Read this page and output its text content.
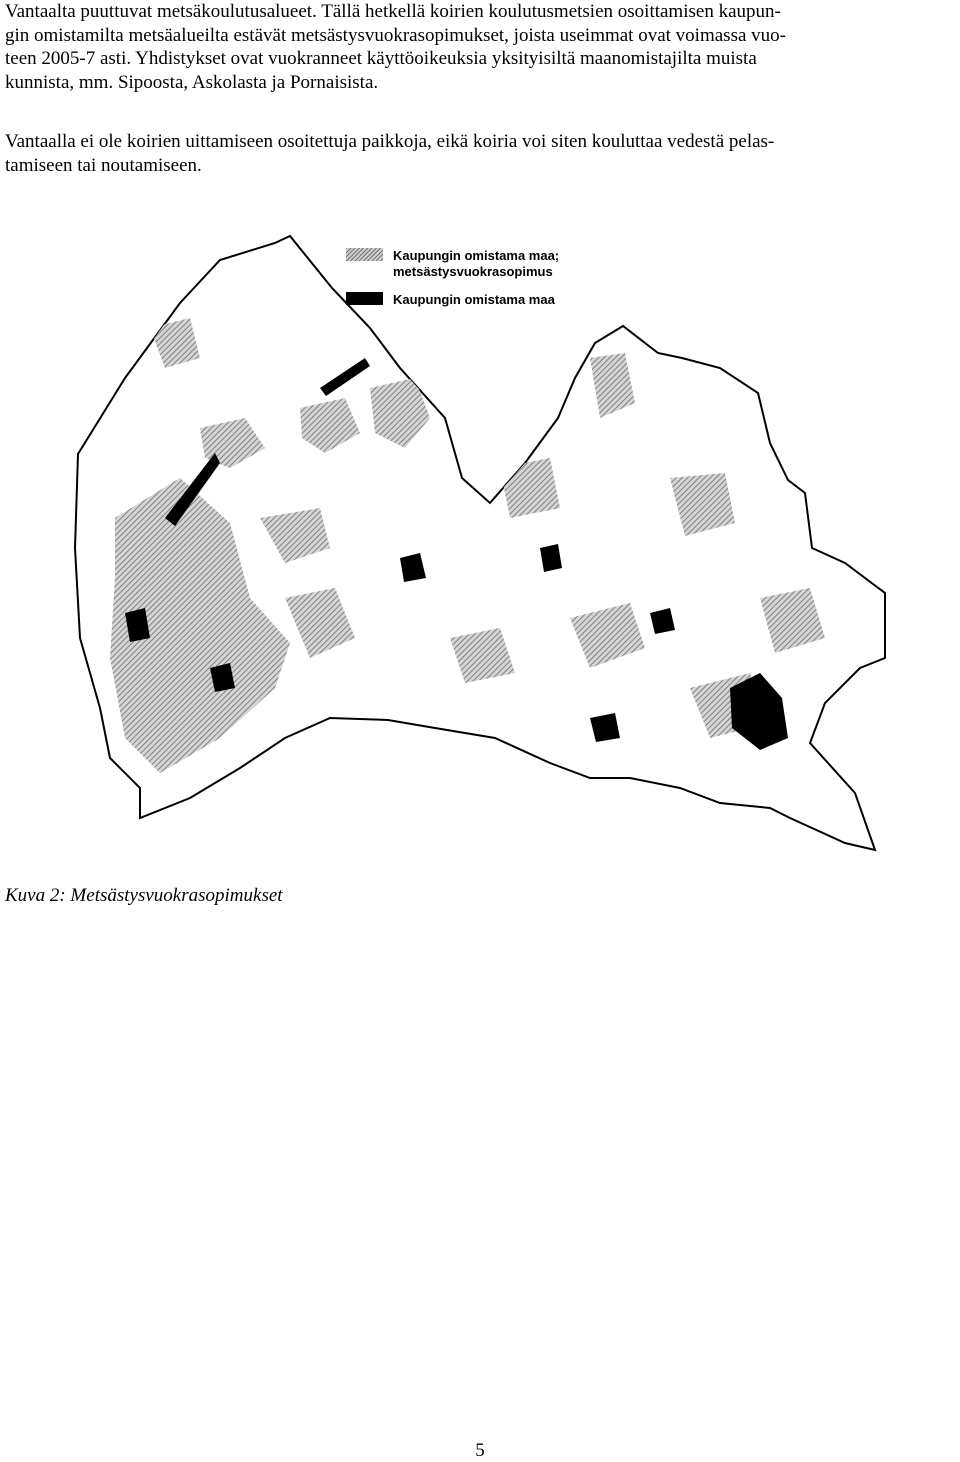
Vantaalta puuttuvat metsäkoulutusalueet. Tällä hetkellä koirien koulutusmetsien osoittamisen kaupun-
gin omistamilta metsäalueilta estävät metsästysvuokrasopimukset, joista useimmat ovat voimassa vuo-
teen 2005-7 asti. Yhdistykset ovat vuokranneet käyttöoikeuksia yksityisiltä maanomistajilta muista
kunnista, mm. Sipoosta, Askolasta ja Pornaisista.

Vantaalla ei ole koirien uittamiseen osoitettuja paikkoja, eikä koiria voi siten kouluttaa vedestä pelas-
tamiseen tai noutamiseen.

Kaupungin omistama maa;
metsästysvuokrasopimus
Kaupungin omistama maa

Kuva 2: Metsästysvuokrasopimukset

5
